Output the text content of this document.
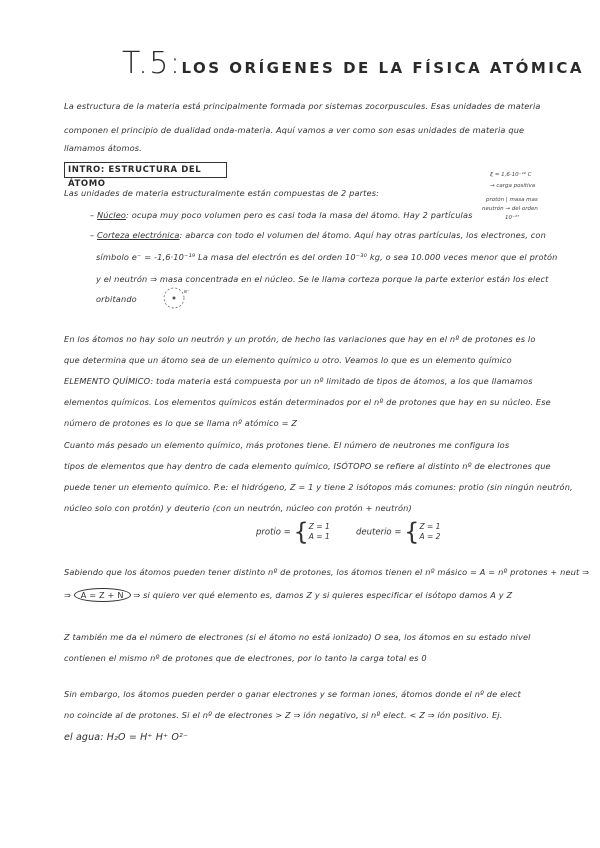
T.5:LOS ORÍGENES DE LA FÍSICA ATÓMICA
La estructura de la materia está principalmente formada por sistemas zocorpuscules. Esas unidades de materia
componen el principio de dualidad onda-materia. Aquí vamos a ver como son esas unidades de materia que
llamamos átomos.
INTRO: ESTRUCTURA DEL ÁTOMO
ξ = 1,6·10⁻¹⁹ C
→ carga positiva
protón | masa mas
neutrón → del orden
10⁻²⁷
Las unidades de materia estructuralmente están compuestas de 2 partes:
– Núcleo: ocupa muy poco volumen pero es casi toda la masa del átomo. Hay 2 partículas
– Corteza electrónica: abarca con todo el volumen del átomo. Aquí hay otras partículas, los electrones, con
símbolo e⁻ = -1,6·10⁻¹⁹ La masa del electrón es del orden 10⁻³⁰ kg, o sea 10.000 veces menor que el protón
y el neutrón ⇒ masa concentrada en el núcleo. Se le llama corteza porque la parte exterior están los elect
orbitando
e⁻
En los átomos no hay solo un neutrón y un protón, de hecho las variaciones que hay en el nº de protones es lo
que determina que un átomo sea de un elemento químico u otro. Veamos lo que es un elemento químico
ELEMENTO QUÍMICO: toda materia está compuesta por un nº limitado de tipos de átomos, a los que llamamos
elementos químicos. Los elementos químicos están determinados por el nº de protones que hay en su núcleo. Ese
número de protones es lo que se llama nº atómico = Z
Cuanto más pesado un elemento químico, más protones tiene. El número de neutrones me configura los
tipos de elementos que hay dentro de cada elemento químico, ISÓTOPO se refiere al distinto nº de electrones que
puede tener un elemento químico. P.e: el hidrógeno, Z = 1 y tiene 2 isótopos más comunes: protio (sin ningún neutrón,
núcleo solo con protón) y deuterio (con un neutrón, núcleo con protón + neutrón)
protio = {Z = 1
A = 1	deuterio = {Z = 1
A = 2
Sabiendo que los átomos pueden tener distinto nº de protones, los átomos tienen el nº másico = A = nº protones + neut ⇒
⇒ A = Z + N ⇒ si quiero ver qué elemento es, damos Z y si quieres especificar el isótopo damos A y Z
Z también me da el número de electrones (si el átomo no está ionizado) O sea, los átomos en su estado nivel
contienen el mismo nº de protones que de electrones, por lo tanto la carga total es 0
Sin embargo, los átomos pueden perder o ganar electrones y se forman iones, átomos donde el nº de elect
no coincide al de protones. Si el nº de electrones > Z ⇒ ión negativo, si nº elect. < Z ⇒ ión positivo. Ej.
el agua: H₂O = H⁺ H⁺ O²⁻
